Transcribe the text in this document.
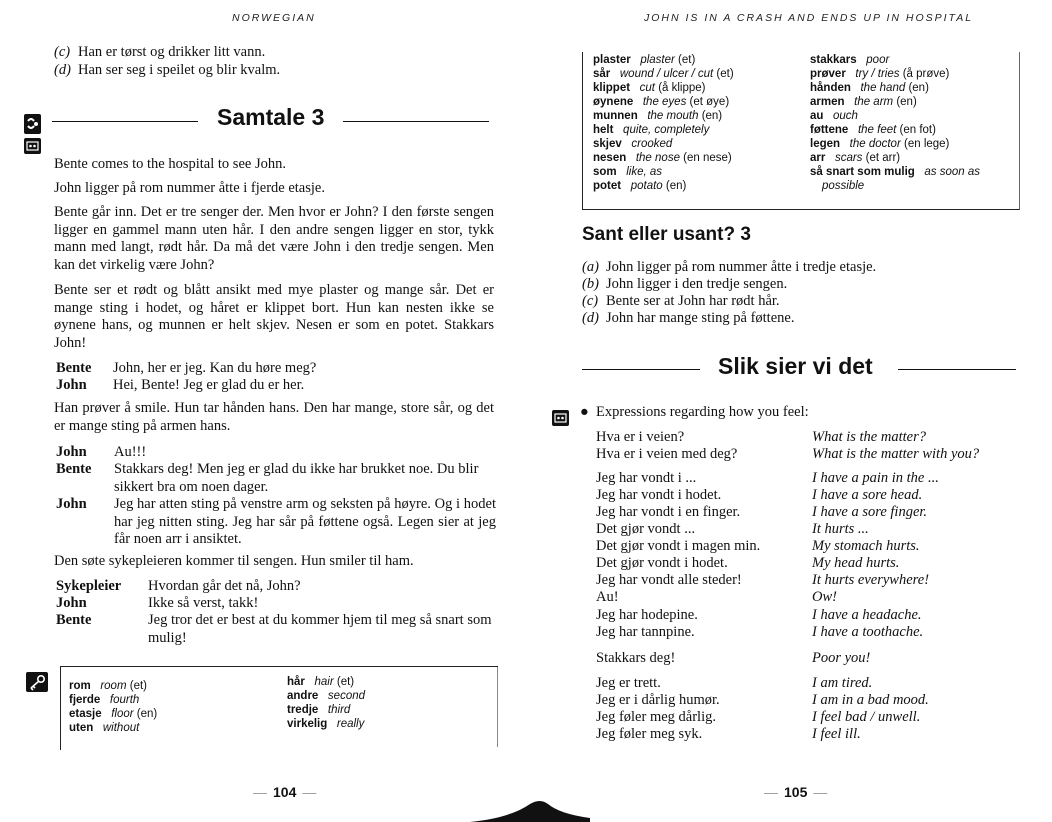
NORWEGIAN
(c) Han er tørst og drikker litt vann.
(d) Han ser seg i speilet og blir kvalm.
Samtale 3
Bente comes to the hospital to see John.
John ligger på rom nummer åtte i fjerde etasje.
Bente går inn. Det er tre senger der. Men hvor er John? I den første sengen ligger en gammel mann uten hår. I den andre sengen ligger en stor, tykk mann med langt, rødt hår. Da må det være John i den tredje sengen. Men kan det virkelig være John?
Bente ser et rødt og blått ansikt med mye plaster og mange sår. Det er mange sting i hodet, og håret er klippet bort. Hun kan nesten ikke se øynene hans, og munnen er helt skjev. Nesen er som en potet. Stakkars John!
Bente John, her er jeg. Kan du høre meg?
John Hei, Bente! Jeg er glad du er her.
Han prøver å smile. Hun tar hånden hans. Den har mange, store sår, og det er mange sting på armen hans.
John Au!!!
Bente Stakkars deg! Men jeg er glad du ikke har brukket noe. Du blir sikkert bra om noen dager.
John Jeg har atten sting på venstre arm og seksten på høyre. Og i hodet har jeg nitten sting. Jeg har sår på føttene også. Legen sier at jeg får noen arr i ansiktet.
Den søte sykepleieren kommer til sengen. Hun smiler til ham.
Sykepleier Hvordan går det nå, John?
John	Ikke så verst, takk!
Bente	Jeg tror det er best at du kommer hjem til meg så snart som mulig!
rom room (et)
fjerde fourth
etasje floor (en)
uten without
hår hair (et)
andre second
tredje third
virkelig really
— 104 —
JOHN IS IN A CRASH AND ENDS UP IN HOSPITAL
plaster plaster (et)
sår wound / ulcer / cut (et)
klippet cut (å klippe)
øynene the eyes (et øye)
munnen the mouth (en)
helt quite, completely
skjev crooked
nesen the nose (en nese)
som like, as
potet potato (en)
stakkars poor
prøver try / tries (å prøve)
hånden the hand (en)
armen the arm (en)
au ouch
føttene the feet (en fot)
legen the doctor (en lege)
arr scars (et arr)
så snart som mulig as soon as
possible
Sant eller usant? 3
(a) John ligger på rom nummer åtte i tredje etasje.
(b) John ligger i den tredje sengen.
(c) Bente ser at John har rødt hår.
(d) John har mange sting på føttene.
Slik sier vi det
● Expressions regarding how you feel:
Hva er i veien?	What is the matter?
Hva er i veien med deg?	What is the matter with you?
Jeg har vondt i ...	I have a pain in the ...
Jeg har vondt i hodet.	I have a sore head.
Jeg har vondt i en finger.	I have a sore finger.
Det gjør vondt ...	It hurts ...
Det gjør vondt i magen min.	My stomach hurts.
Det gjør vondt i hodet.	My head hurts.
Jeg har vondt alle steder!	It hurts everywhere!
Au!	Ow!
Jeg har hodepine.	I have a headache.
Jeg har tannpine.	I have a toothache.
Stakkars deg!	Poor you!
Jeg er trett.	I am tired.
Jeg er i dårlig humør.	I am in a bad mood.
Jeg føler meg dårlig.	I feel bad / unwell.
Jeg føler meg syk.	I feel ill.
— 105 —
